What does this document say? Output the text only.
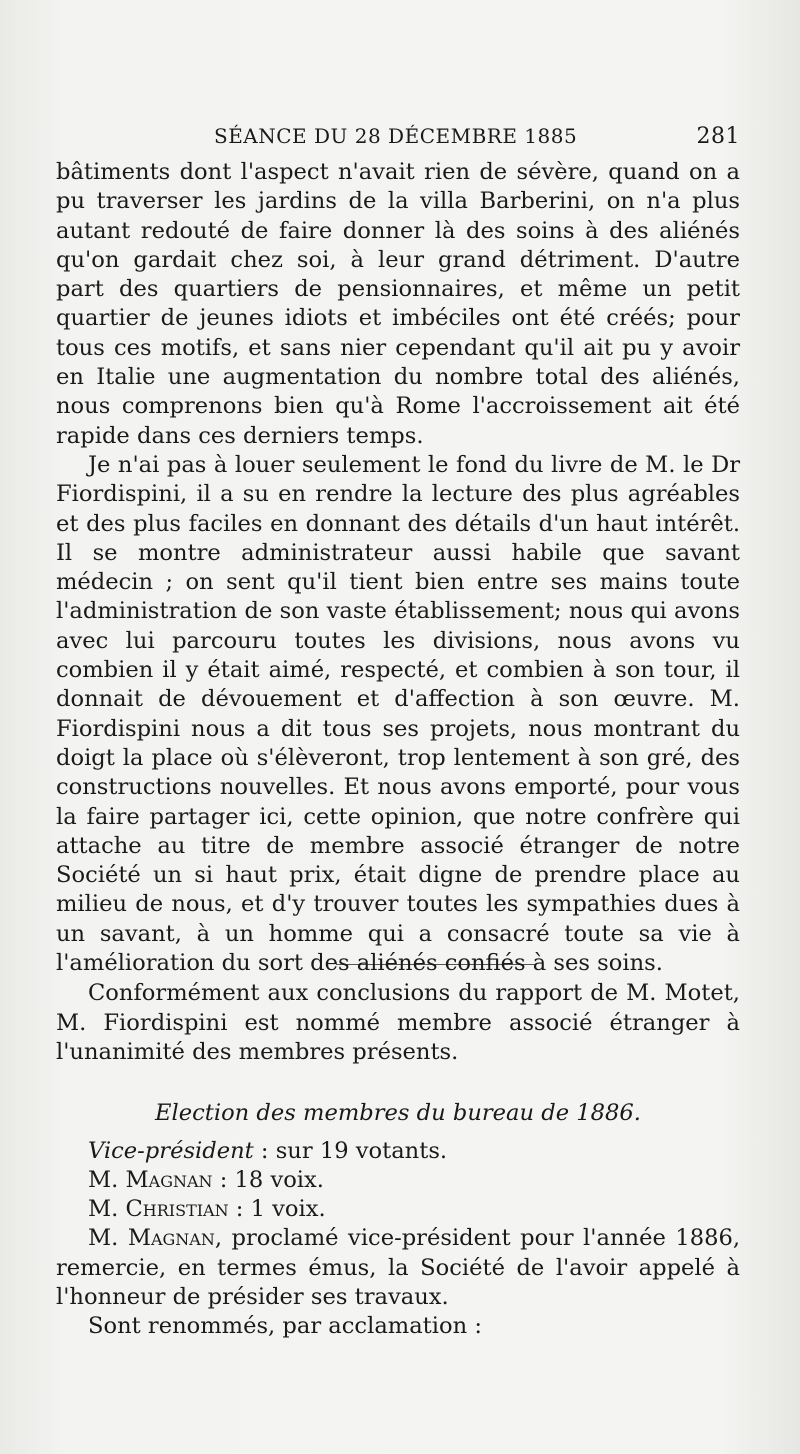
SÉANCE DU 28 DÉCEMBRE 1885	281

bâtiments dont l'aspect n'avait rien de sévère, quand on a pu traverser les jardins de la villa Barberini, on n'a plus autant redouté de faire donner là des soins à des aliénés qu'on gardait chez soi, à leur grand détriment. D'autre part des quartiers de pensionnaires, et même un petit quartier de jeunes idiots et imbéciles ont été créés; pour tous ces motifs, et sans nier cependant qu'il ait pu y avoir en Italie une augmentation du nombre total des aliénés, nous comprenons bien qu'à Rome l'accroissement ait été rapide dans ces derniers temps.

Je n'ai pas à louer seulement le fond du livre de M. le Dr Fiordispini, il a su en rendre la lecture des plus agréables et des plus faciles en donnant des détails d'un haut intérêt. Il se montre administrateur aussi habile que savant médecin ; on sent qu'il tient bien entre ses mains toute l'administration de son vaste établissement; nous qui avons avec lui parcouru toutes les divisions, nous avons vu combien il y était aimé, respecté, et combien à son tour, il donnait de dévouement et d'affection à son œuvre. M. Fiordispini nous a dit tous ses projets, nous montrant du doigt la place où s'élèveront, trop lentement à son gré, des constructions nouvelles. Et nous avons emporté, pour vous la faire partager ici, cette opinion, que notre confrère qui attache au titre de membre associé étranger de notre Société un si haut prix, était digne de prendre place au milieu de nous, et d'y trouver toutes les sympathies dues à un savant, à un homme qui a consacré toute sa vie à l'amélioration du sort des aliénés confiés à ses soins.

Conformément aux conclusions du rapport de M. Motet, M. Fiordispini est nommé membre associé étranger à l'unanimité des membres présents.

Election des membres du bureau de 1886.

Vice-président : sur 19 votants.

M. Magnan : 18 voix.

M. Christian : 1 voix.

M. Magnan, proclamé vice-président pour l'année 1886, remercie, en termes émus, la Société de l'avoir appelé à l'honneur de présider ses travaux.

Sont renommés, par acclamation :
